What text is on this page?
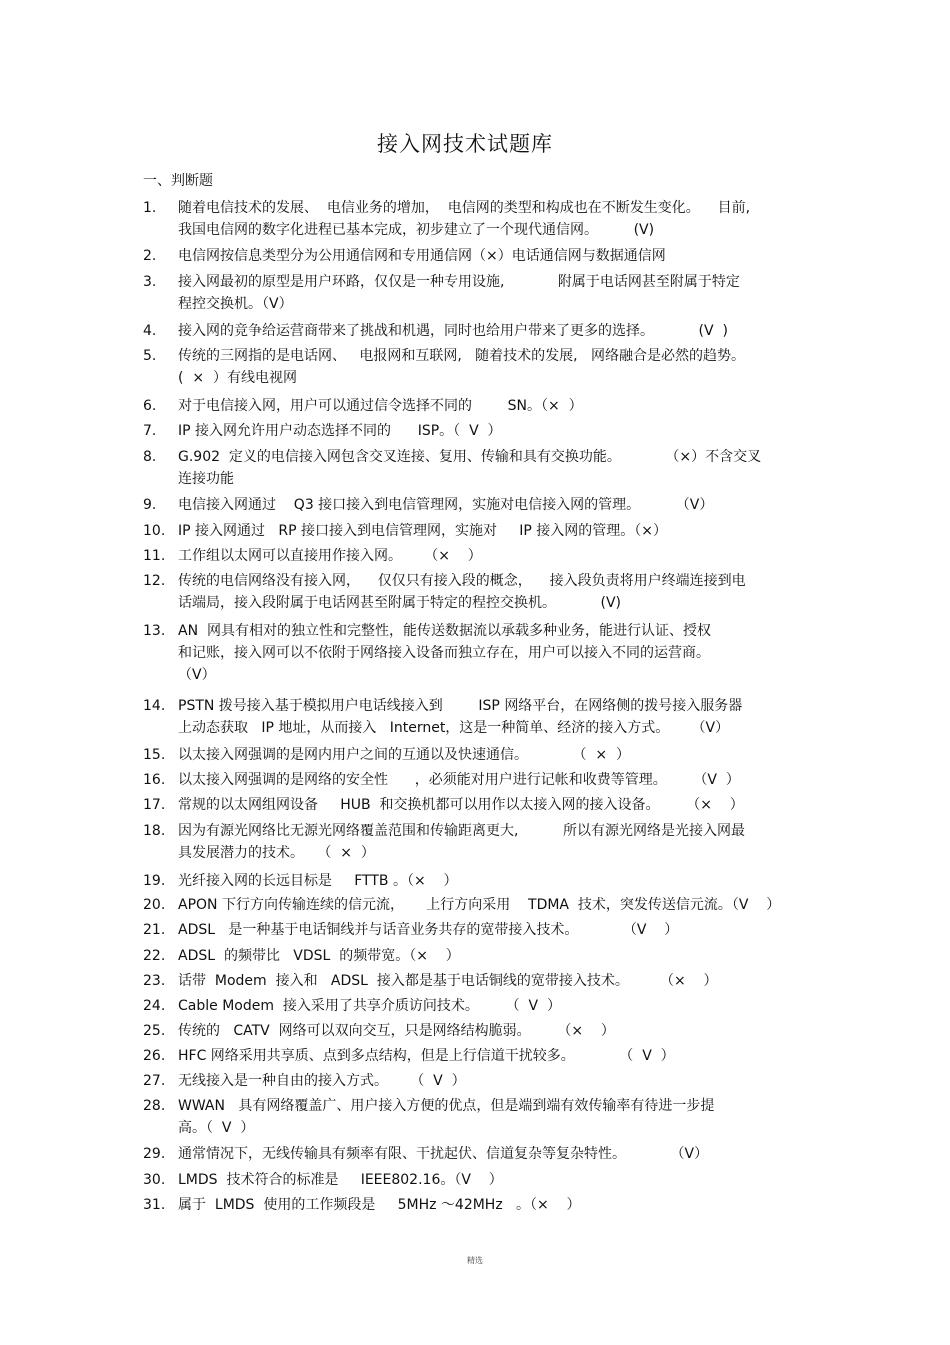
接入网技术试题库
一、判断题
1.	随着电信技术的发展、  电信业务的增加，  电信网的类型和构成也在不断发生变化。    目前,
我国电信网的数字化进程已基本完成，初步建立了一个现代通信网。        (V)
2.	电信网按信息类型分为公用通信网和专用通信网（×）电话通信网与数据通信网
3.	接入网最初的原型是用户环路，仅仅是一种专用设施,            附属于电话网甚至附属于特定
程控交换机。（V）
4.	接入网的竞争给运营商带来了挑战和机遇，同时也给用户带来了更多的选择。          (V  )
5.	传统的三网指的是电话网、   电报网和互联网,   随着技术的发展,   网络融合是必然的趋势。
(  ×  ）有线电视网
6.	对于电信接入网，用户可以通过信令选择不同的        SN。（×  ）
7.	IP 接入网允许用户动态选择不同的      ISP。（  V  ）
8.	G.902  定义的电信接入网包含交叉连接、复用、传输和具有交换功能。          （×）不含交叉
连接功能
9.	电信接入网通过    Q3 接口接入到电信管理网，实施对电信接入网的管理。        （V）
10. IP 接入网通过   RP 接口接入到电信管理网，实施对     IP 接入网的管理。（×）
11. 工作组以太网可以直接用作接入网。     （×    ）
12. 传统的电信网络没有接入网，    仅仅只有接入段的概念，    接入段负责将用户终端连接到电
话端局，接入段附属于电话网甚至附属于特定的程控交换机。          (V)
13. AN  网具有相对的独立性和完整性，能传送数据流以承载多种业务，能进行认证、授权
和记账，接入网可以不依附于网络接入设备而独立存在，用户可以接入不同的运营商。
（V）
14. PSTN 拨号接入基于模拟用户电话线接入到        ISP 网络平台，在网络侧的拨号接入服务器
上动态获取   IP 地址，从而接入   Internet，这是一种简单、经济的接入方式。     （V）
15. 以太接入网强调的是网内用户之间的互通以及快速通信。          （  ×  ）
16. 以太接入网强调的是网络的安全性      ，必须能对用户进行记帐和收费等管理。      （V  ）
17. 常规的以太网组网设备     HUB  和交换机都可以用作以太接入网的接入设备。      （×    ）
18. 因为有源光网络比无源光网络覆盖范围和传输距离更大,          所以有源光网络是光接入网最
具发展潜力的技术。   （  ×  ）
19. 光纤接入网的长远目标是     FTTB 。（×    ）
20. APON 下行方向传输连续的信元流，     上行方向采用    TDMA  技术，突发传送信元流。（V    ）
21. ADSL   是一种基于电话铜线并与话音业务共存的宽带接入技术。          （V    ）
22. ADSL  的频带比   VDSL  的频带宽。（×    ）
23. 话带  Modem  接入和   ADSL  接入都是基于电话铜线的宽带接入技术。       （×    ）
24. Cable Modem  接入采用了共享介质访问技术。      （  V  ）
25. 传统的   CATV  网络可以双向交互，只是网络结构脆弱。      （×    ）
26. HFC 网络采用共享质、点到多点结构，但是上行信道干扰较多。          （  V  ）
27. 无线接入是一种自由的接入方式。     （  V  ）
28. WWAN   具有网络覆盖广、用户接入方便的优点，但是端到端有效传输率有待进一步提
高。（  V  ）
29. 通常情况下，无线传输具有频率有限、干扰起伏、信道复杂等复杂特性。          （V）
30. LMDS  技术符合的标准是     IEEE802.16。（V    ）
31. 属于  LMDS  使用的工作频段是     5MHz ～42MHz   。（×    ）
精选
